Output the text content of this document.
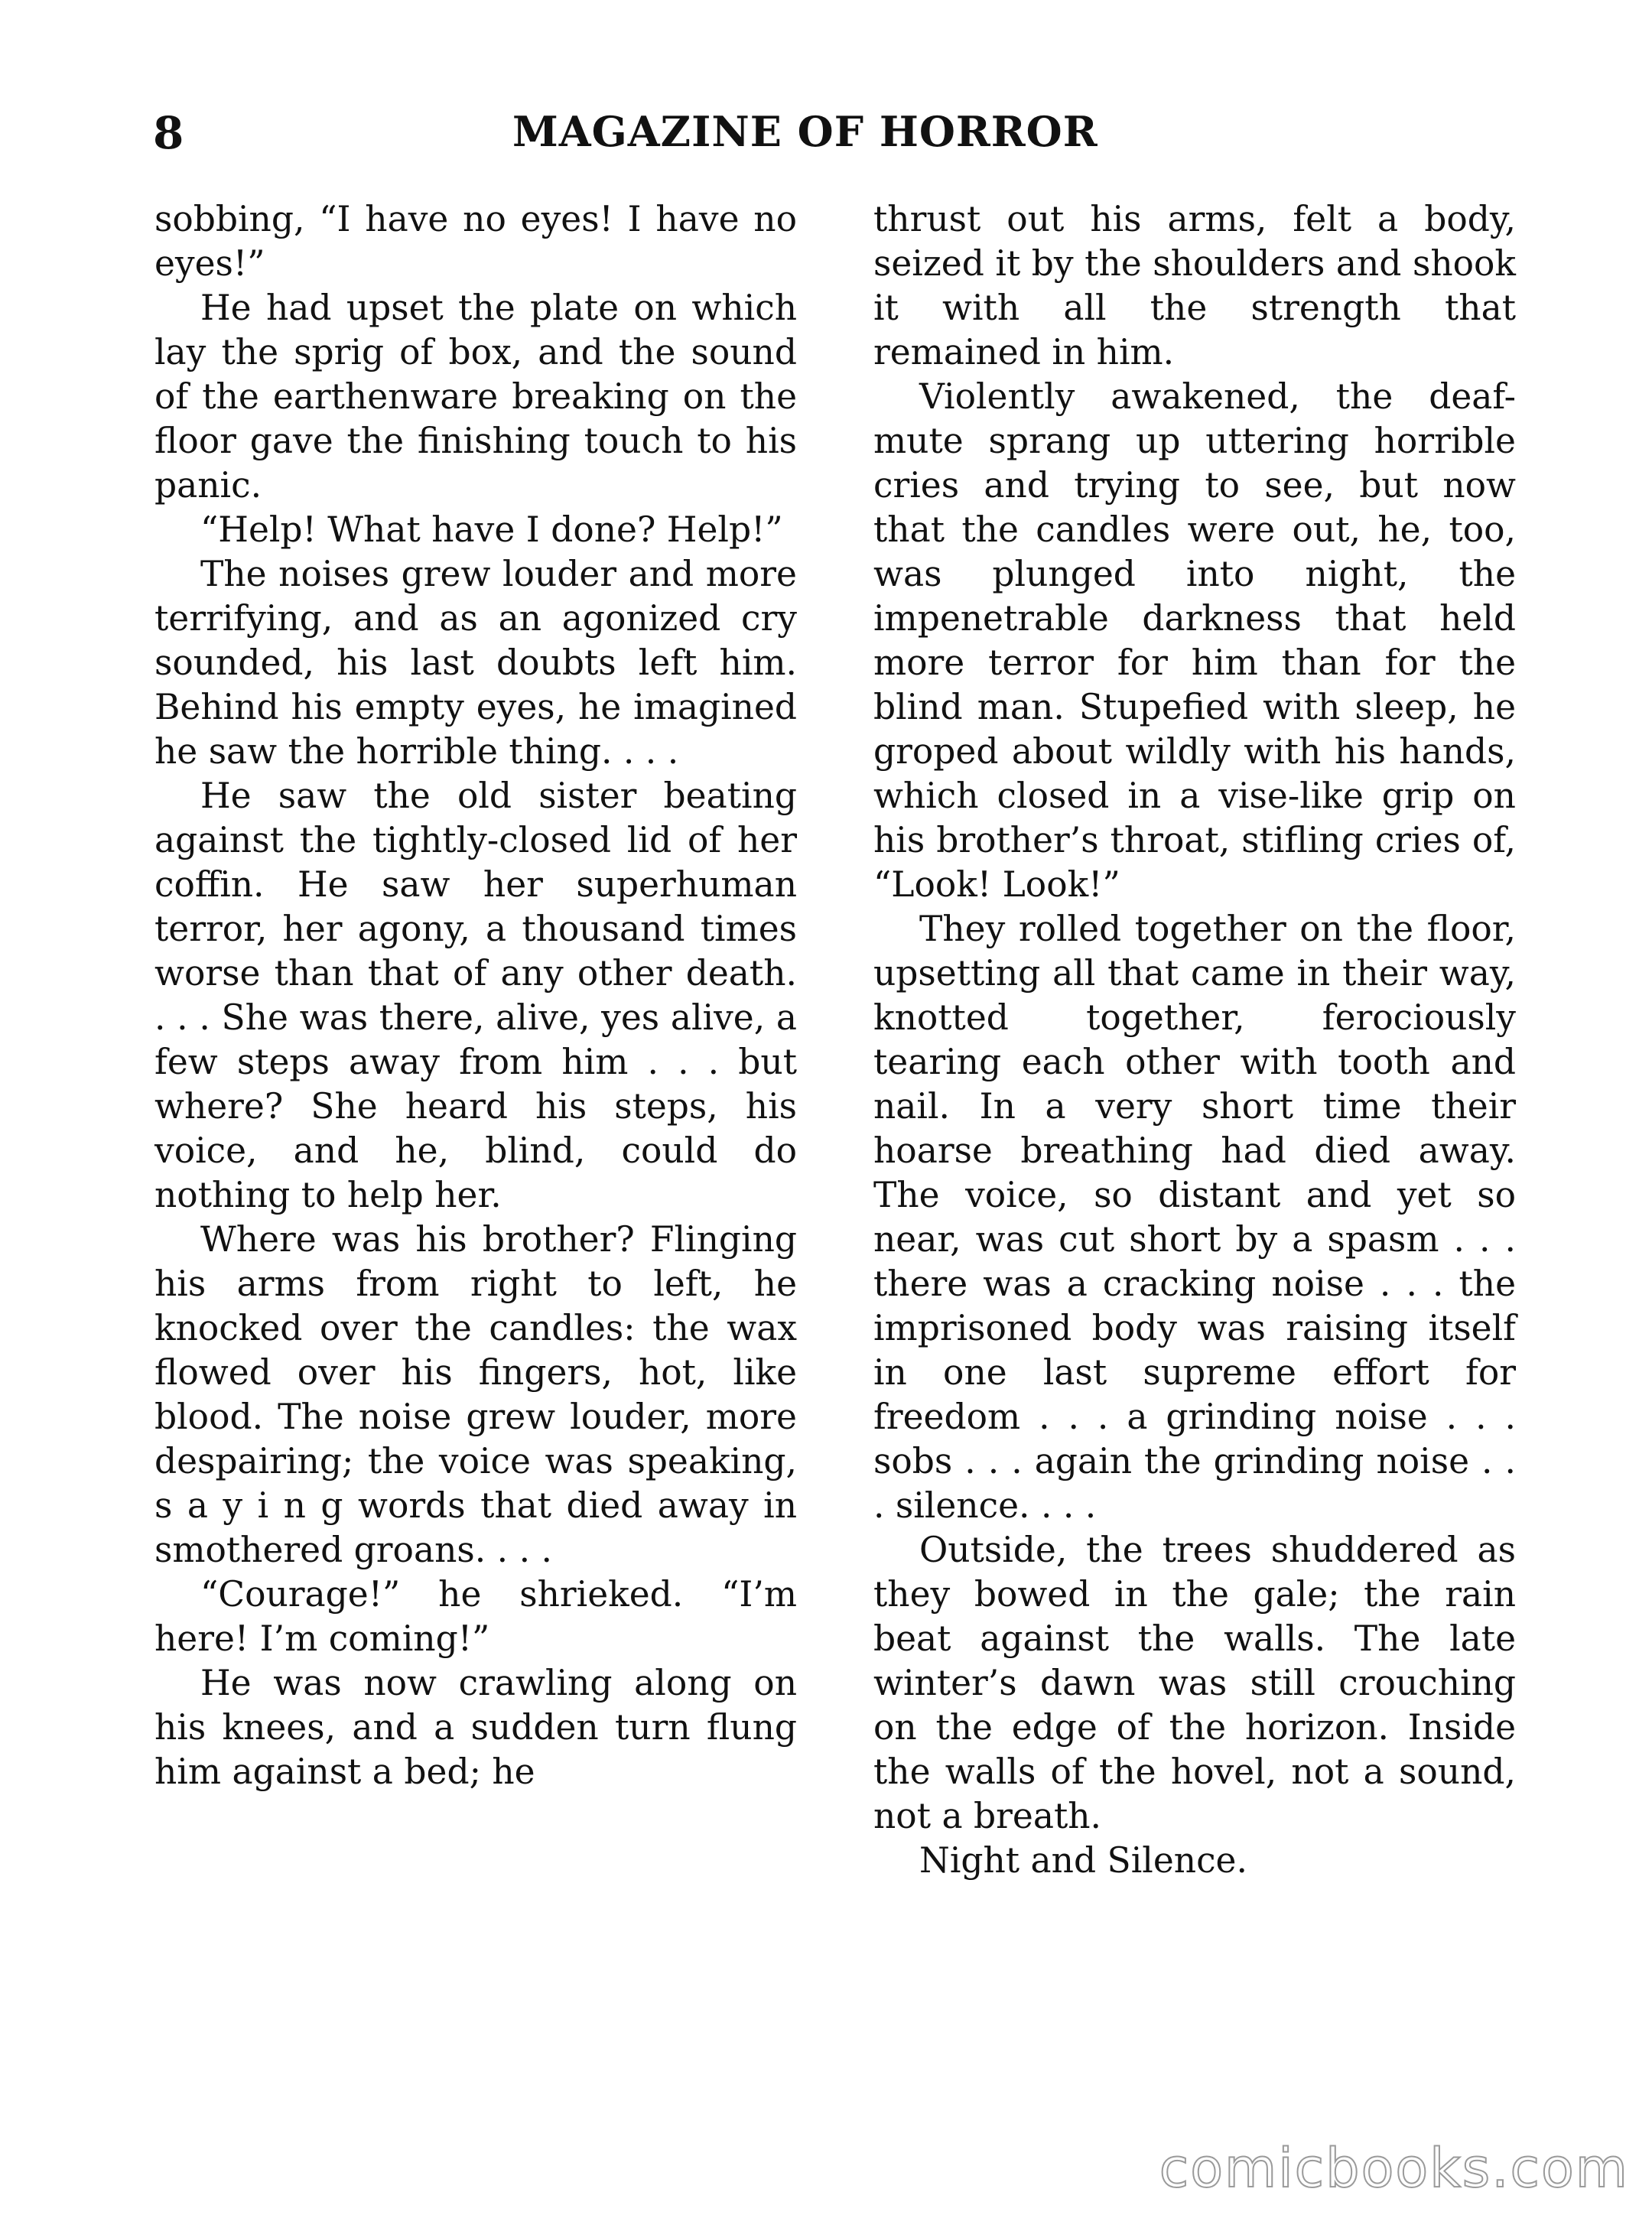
8	MAGAZINE OF HORROR

sobbing, “I have no eyes! I have no eyes!”

He had upset the plate on which lay the sprig of box, and the sound of the earthenware breaking on the floor gave the finishing touch to his panic.

“Help! What have I done? Help!”

The noises grew louder and more terrifying, and as an agonized cry sounded, his last doubts left him. Behind his empty eyes, he imagined he saw the horrible thing. . . .

He saw the old sister beating against the tightly-closed lid of her coffin. He saw her superhuman terror, her agony, a thousand times worse than that of any other death. . . . She was there, alive, yes alive, a few steps away from him . . . but where? She heard his steps, his voice, and he, blind, could do nothing to help her.

Where was his brother? Flinging his arms from right to left, he knocked over the candles: the wax flowed over his fingers, hot, like blood. The noise grew louder, more despairing; the voice was speaking, s a y i n g words that died away in smothered groans. . . .

“Courage!” he shrieked. “I’m here! I’m coming!”

He was now crawling along on his knees, and a sudden turn flung him against a bed; he

thrust out his arms, felt a body, seized it by the shoulders and shook it with all the strength that remained in him.

Violently awakened, the deaf-mute sprang up uttering horrible cries and trying to see, but now that the candles were out, he, too, was plunged into night, the impenetrable darkness that held more terror for him than for the blind man. Stupefied with sleep, he groped about wildly with his hands, which closed in a vise-like grip on his brother’s throat, stifling cries of, “Look! Look!”

They rolled together on the floor, upsetting all that came in their way, knotted together, ferociously tearing each other with tooth and nail. In a very short time their hoarse breathing had died away. The voice, so distant and yet so near, was cut short by a spasm . . . there was a cracking noise . . . the imprisoned body was raising itself in one last supreme effort for freedom . . . a grinding noise . . . sobs . . . again the grinding noise . . . silence. . . .

Outside, the trees shuddered as they bowed in the gale; the rain beat against the walls. The late winter’s dawn was still crouching on the edge of the horizon. Inside the walls of the hovel, not a sound, not a breath.

Night and Silence.

comicbooks.com
